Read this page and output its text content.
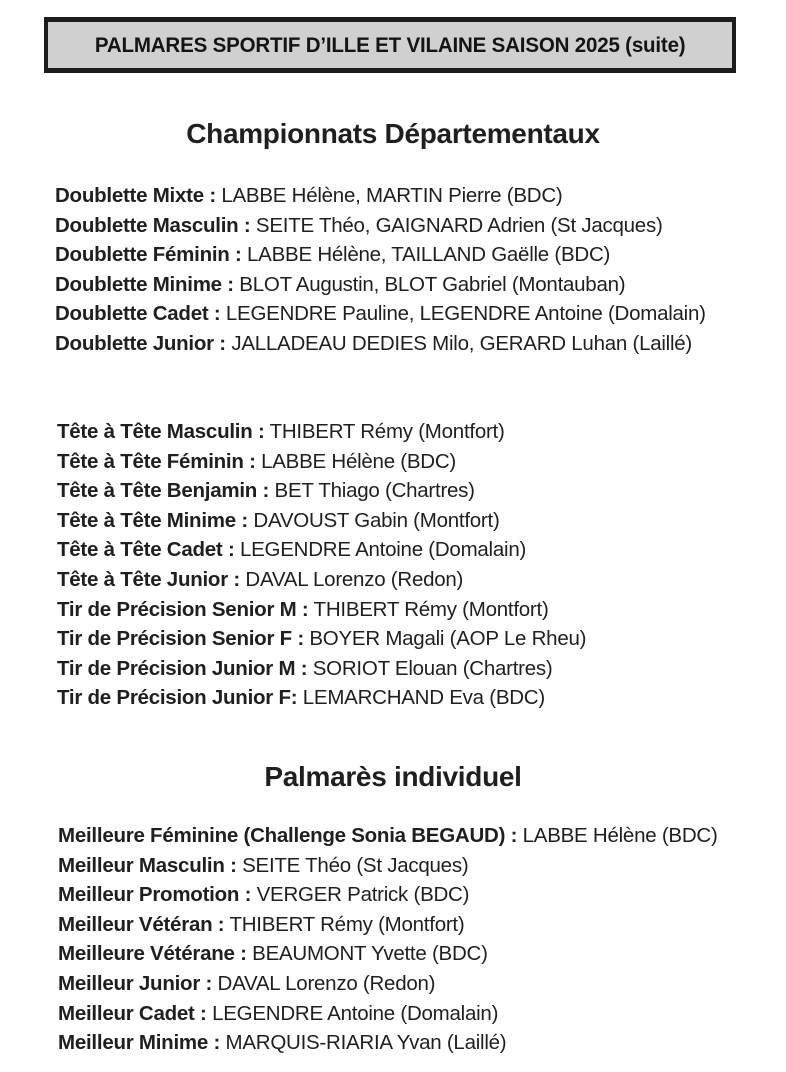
PALMARES SPORTIF D’ILLE ET VILAINE SAISON 2025 (suite)
Championnats Départementaux
Doublette Mixte : LABBE Hélène, MARTIN Pierre (BDC)
Doublette Masculin : SEITE Théo, GAIGNARD Adrien (St Jacques)
Doublette Féminin : LABBE Hélène, TAILLAND Gaëlle (BDC)
Doublette Minime : BLOT Augustin, BLOT Gabriel (Montauban)
Doublette Cadet : LEGENDRE Pauline, LEGENDRE Antoine (Domalain)
Doublette Junior : JALLADEAU DEDIES Milo, GERARD Luhan (Laillé)
Tête à Tête Masculin : THIBERT Rémy (Montfort)
Tête à Tête Féminin : LABBE Hélène (BDC)
Tête à Tête Benjamin : BET Thiago (Chartres)
Tête à Tête Minime : DAVOUST Gabin (Montfort)
Tête à Tête Cadet : LEGENDRE Antoine (Domalain)
Tête à Tête Junior : DAVAL Lorenzo (Redon)
Tir de Précision Senior M : THIBERT Rémy (Montfort)
Tir de Précision Senior F : BOYER Magali (AOP Le Rheu)
Tir de Précision Junior M : SORIOT Elouan (Chartres)
Tir de Précision Junior F: LEMARCHAND Eva (BDC)
Palmarès individuel
Meilleure Féminine (Challenge Sonia BEGAUD) : LABBE Hélène (BDC)
Meilleur Masculin : SEITE Théo (St Jacques)
Meilleur Promotion : VERGER Patrick (BDC)
Meilleur Vétéran : THIBERT Rémy (Montfort)
Meilleure Vétérane : BEAUMONT Yvette (BDC)
Meilleur Junior : DAVAL Lorenzo (Redon)
Meilleur Cadet : LEGENDRE Antoine (Domalain)
Meilleur Minime : MARQUIS-RIARIA Yvan (Laillé)
